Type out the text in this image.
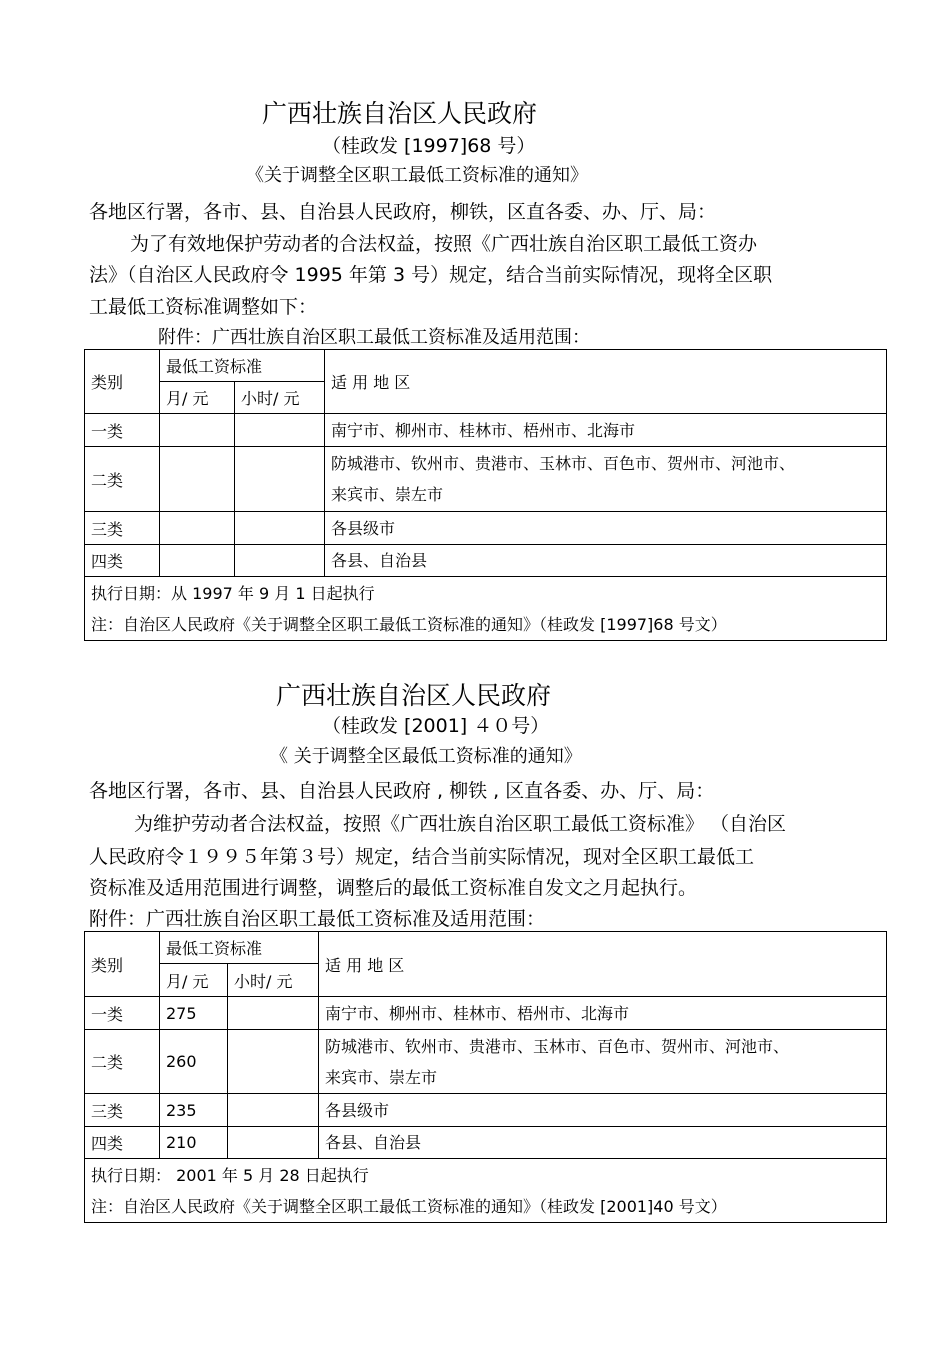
广西壮族自治区人民政府
（桂政发 [1997]68 号）
《关于调整全区职工最低工资标准的通知》
各地区行署，各市、县、自治县人民政府，柳铁，区直各委、办、厅、局：
为了有效地保护劳动者的合法权益，按照《广西壮族自治区职工最低工资办
法》（自治区人民政府令 1995 年第 3 号）规定，结合当前实际情况，现将全区职
工最低工资标准调整如下：
附件：广西壮族自治区职工最低工资标准及适用范围：
类别	最低工资标准		适 用 地 区
	月/ 元	小时/ 元	
一类			南宁市、柳州市、桂林市、梧州市、北海市
二类			防城港市、钦州市、贵港市、玉林市、百色市、贺州市、河池市、
来宾市、崇左市

三类			各县级市
四类			各县、自治县

执行日期：从 1997 年 9 月 1 日起执行
注：自治区人民政府《关于调整全区职工最低工资标准的通知》（桂政发 [1997]68 号文）			
广西壮族自治区人民政府
（桂政发 [2001] ４０号）
《 关于调整全区最低工资标准的通知》
各地区行署，各市、县、自治县人民政府 , 柳铁 , 区直各委、办、厅、局：
为维护劳动者合法权益，按照《广西壮族自治区职工最低工资标准》 （自治区
人民政府令１９９５年第３号）规定，结合当前实际情况，现对全区职工最低工
资标准及适用范围进行调整，调整后的最低工资标准自发文之月起执行。
附件：广西壮族自治区职工最低工资标准及适用范围：
类别	最低工资标准		适 用 地 区
	月/ 元	小时/ 元	
一类	275		南宁市、柳州市、桂林市、梧州市、北海市
二类	260		防城港市、钦州市、贵港市、玉林市、百色市、贺州市、河池市、
来宾市、崇左市

三类	235		各县级市
四类	210		各县、自治县

执行日期： 2001 年 5 月 28 日起执行
注：自治区人民政府《关于调整全区职工最低工资标准的通知》（桂政发 [2001]40 号文）			
